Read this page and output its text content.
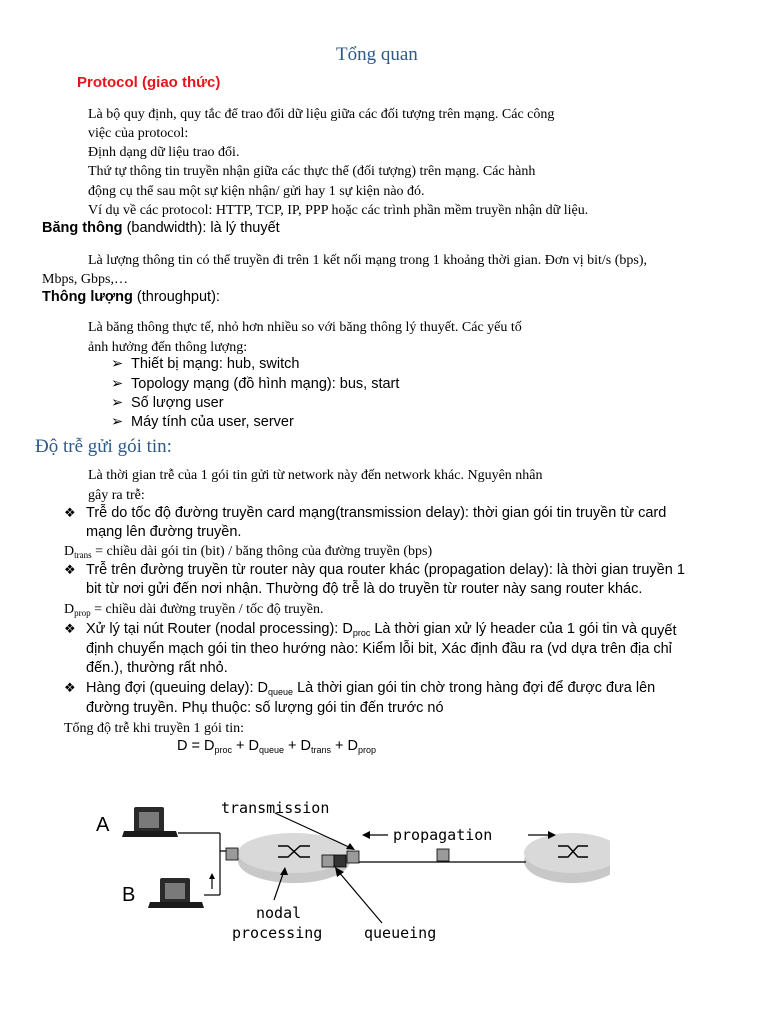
Tổng quan
Protocol (giao thức)
Là bộ quy định, quy tắc để trao đổi dữ liệu giữa các đối tượng trên mạng. Các công
việc của protocol:
Định dạng dữ liệu trao đổi.
Thứ tự thông tin truyền nhận giữa các thực thể (đối tượng) trên mạng. Các hành
động cụ thể sau một sự kiện nhận/ gửi hay 1 sự kiện nào đó.
Ví dụ về các protocol: HTTP, TCP, IP, PPP hoặc các trình phần mềm truyền nhận dữ liệu.
Băng thông (bandwidth): là lý thuyết
Là lượng thông tin có thể truyền đi trên 1 kết nối mạng trong 1 khoảng thời gian. Đơn vị bit/s (bps),
Mbps, Gbps,…
Thông lượng (throughput):
Là băng thông thực tế, nhỏ hơn nhiều so với băng thông lý thuyết. Các yếu tố
ảnh hưởng đến thông lượng:
➢ Thiết bị mạng: hub, switch
➢ Topology mạng (đồ hình mạng): bus, start
➢ Số lượng user
➢ Máy tính của user, server
Độ trễ gửi gói tin:
Là thời gian trễ của 1 gói tin gửi từ network này đến network khác. Nguyên nhân
gây ra trễ:
❖ Trễ do tốc độ đường truyền card mạng(transmission delay): thời gian gói tin truyền từ card
mạng lên đường truyền.
$D_{trans}$ = chiều dài gói tin (bit) / băng thông của đường truyền (bps)
❖ Trễ trên đường truyền từ router này qua router khác (propagation delay): là thời gian truyền 1
bit từ nơi gửi đến nơi nhận. Thường độ trễ là do truyền từ router này sang router khác.
$D_{prop}$ = chiều dài đường truyền / tốc độ truyền.
❖ Xử lý tại nút Router (nodal processing): $D_{proc}$ Là thời gian xử lý header của 1 gói tin và quyết
định chuyển mạch gói tin theo hướng nào: Kiểm lỗi bit, Xác định đầu ra (vd dựa trên địa chỉ
đến.), thường rất nhỏ.
❖ Hàng đợi (queuing delay): $D_{queue}$ Là thời gian gói tin chờ trong hàng đợi để được đưa lên
đường truyền. Phụ thuộc: số lượng gói tin đến trước nó
Tổng độ trễ khi truyền 1 gói tin:
$D = D_{proc} + D_{queue} + D_{trans} + D_{prop}$
A
B
transmission
propagation
nodal
processing	queueing
